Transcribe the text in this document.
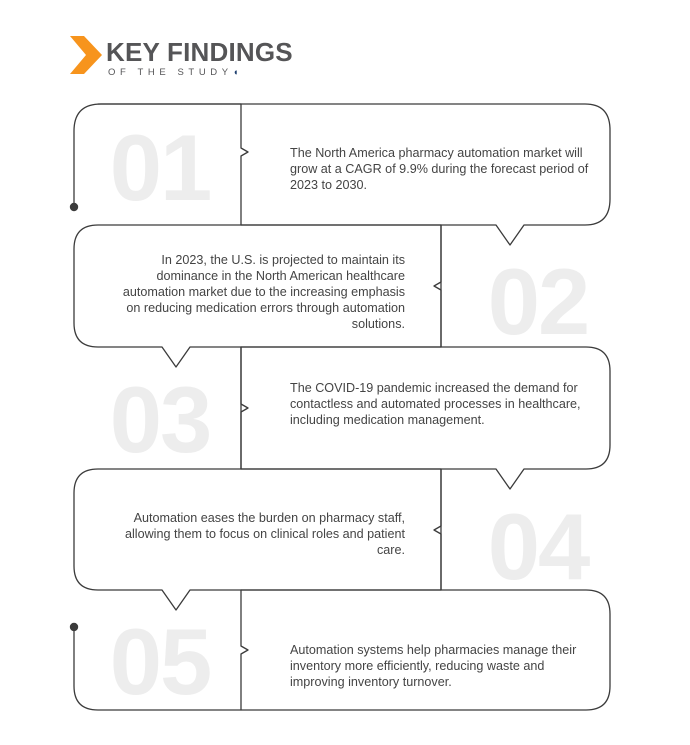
KEY FINDINGS
OF THE STUDY◖
01	The North America pharmacy automation market will grow at a CAGR of 9.9% during the forecast period of 2023 to 2030.
02
In 2023, the U.S. is projected to maintain its dominance in the North American healthcare automation market due to the increasing emphasis on reducing medication errors through automation solutions.
03	The COVID-19 pandemic increased the demand for contactless and automated processes in healthcare, including medication management.
04
Automation eases the burden on pharmacy staff, allowing them to focus on clinical roles and patient care.
05	Automation systems help pharmacies manage their inventory more efficiently, reducing waste and improving inventory turnover.
